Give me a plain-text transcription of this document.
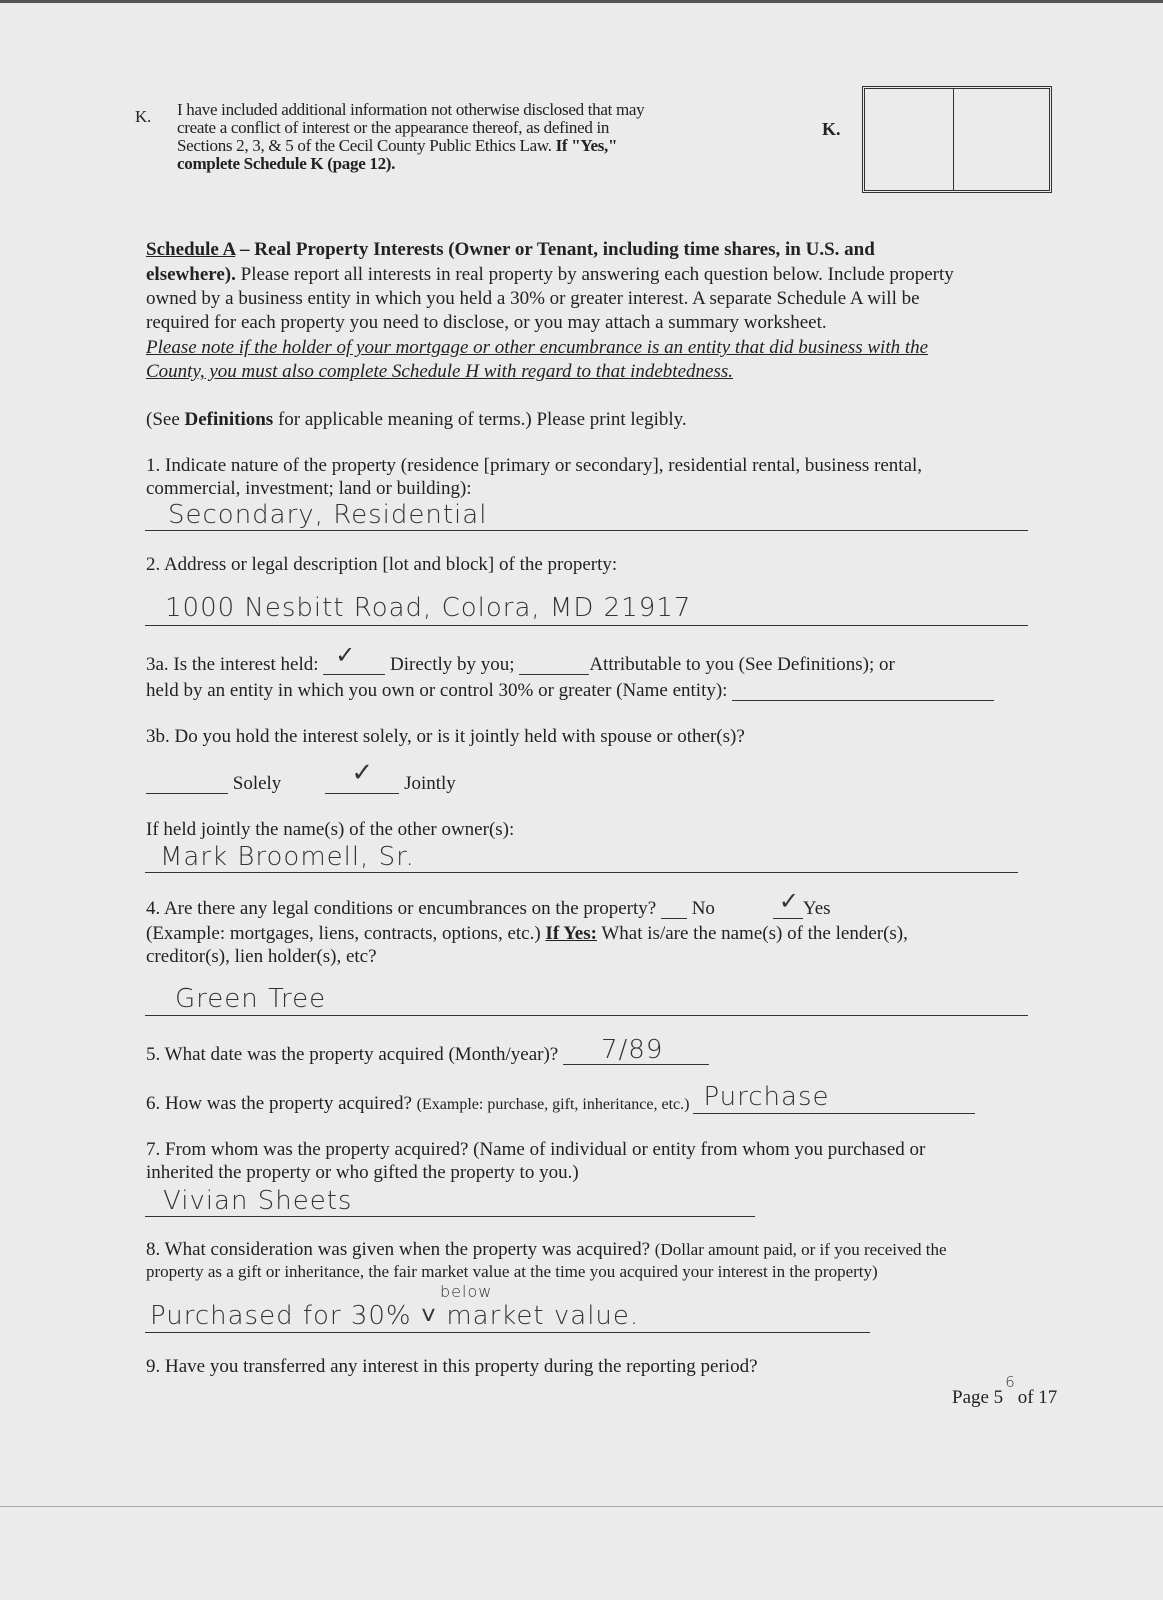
K. I have included additional information not otherwise disclosed that may
create a conflict of interest or the appearance thereof, as defined in
Sections 2, 3, & 5 of the Cecil County Public Ethics Law. If "Yes,"
complete Schedule K (page 12).
K.
Schedule A – Real Property Interests (Owner or Tenant, including time shares, in U.S. and
elsewhere). Please report all interests in real property by answering each question below. Include property
owned by a business entity in which you held a 30% or greater interest. A separate Schedule A will be
required for each property you need to disclose, or you may attach a summary worksheet.
Please note if the holder of your mortgage or other encumbrance is an entity that did business with the
County, you must also complete Schedule H with regard to that indebtedness.
(See Definitions for applicable meaning of terms.) Please print legibly.
1. Indicate nature of the property (residence [primary or secondary], residential rental, business rental,
commercial, investment; land or building):
Secondary, Residential
2. Address or legal description [lot and block] of the property:
1000 Nesbitt Road, Colora, MD 21917
3a. Is the interest held: ✓ Directly by you;	Attributable to you (See Definitions); or
held by an entity in which you own or control 30% or greater (Name entity):
3b. Do you hold the interest solely, or is it jointly held with spouse or other(s)?
Solely	✓ Jointly
If held jointly the name(s) of the other owner(s):
Mark Broomell, Sr.
4. Are there any legal conditions or encumbrances on the property?   No	✓ Yes
(Example: mortgages, liens, contracts, options, etc.) If Yes: What is/are the name(s) of the lender(s),
creditor(s), lien holder(s), etc?
Green Tree
5. What date was the property acquired (Month/year)? 7/89

6. How was the property acquired? (Example: purchase, gift, inheritance, etc.) Purchase

7. From whom was the property acquired? (Name of individual or entity from whom you purchased or
inherited the property or who gifted the property to you.)
Vivian Sheets
8. What consideration was given when the property was acquired? (Dollar amount paid, or if you received the
property as a gift or inheritance, the fair market value at the time you acquired your interest in the property)
below
Purchased for 30% ˅ market value.
9. Have you transferred any interest in this property during the reporting period?
Page $5^6of$ 17
